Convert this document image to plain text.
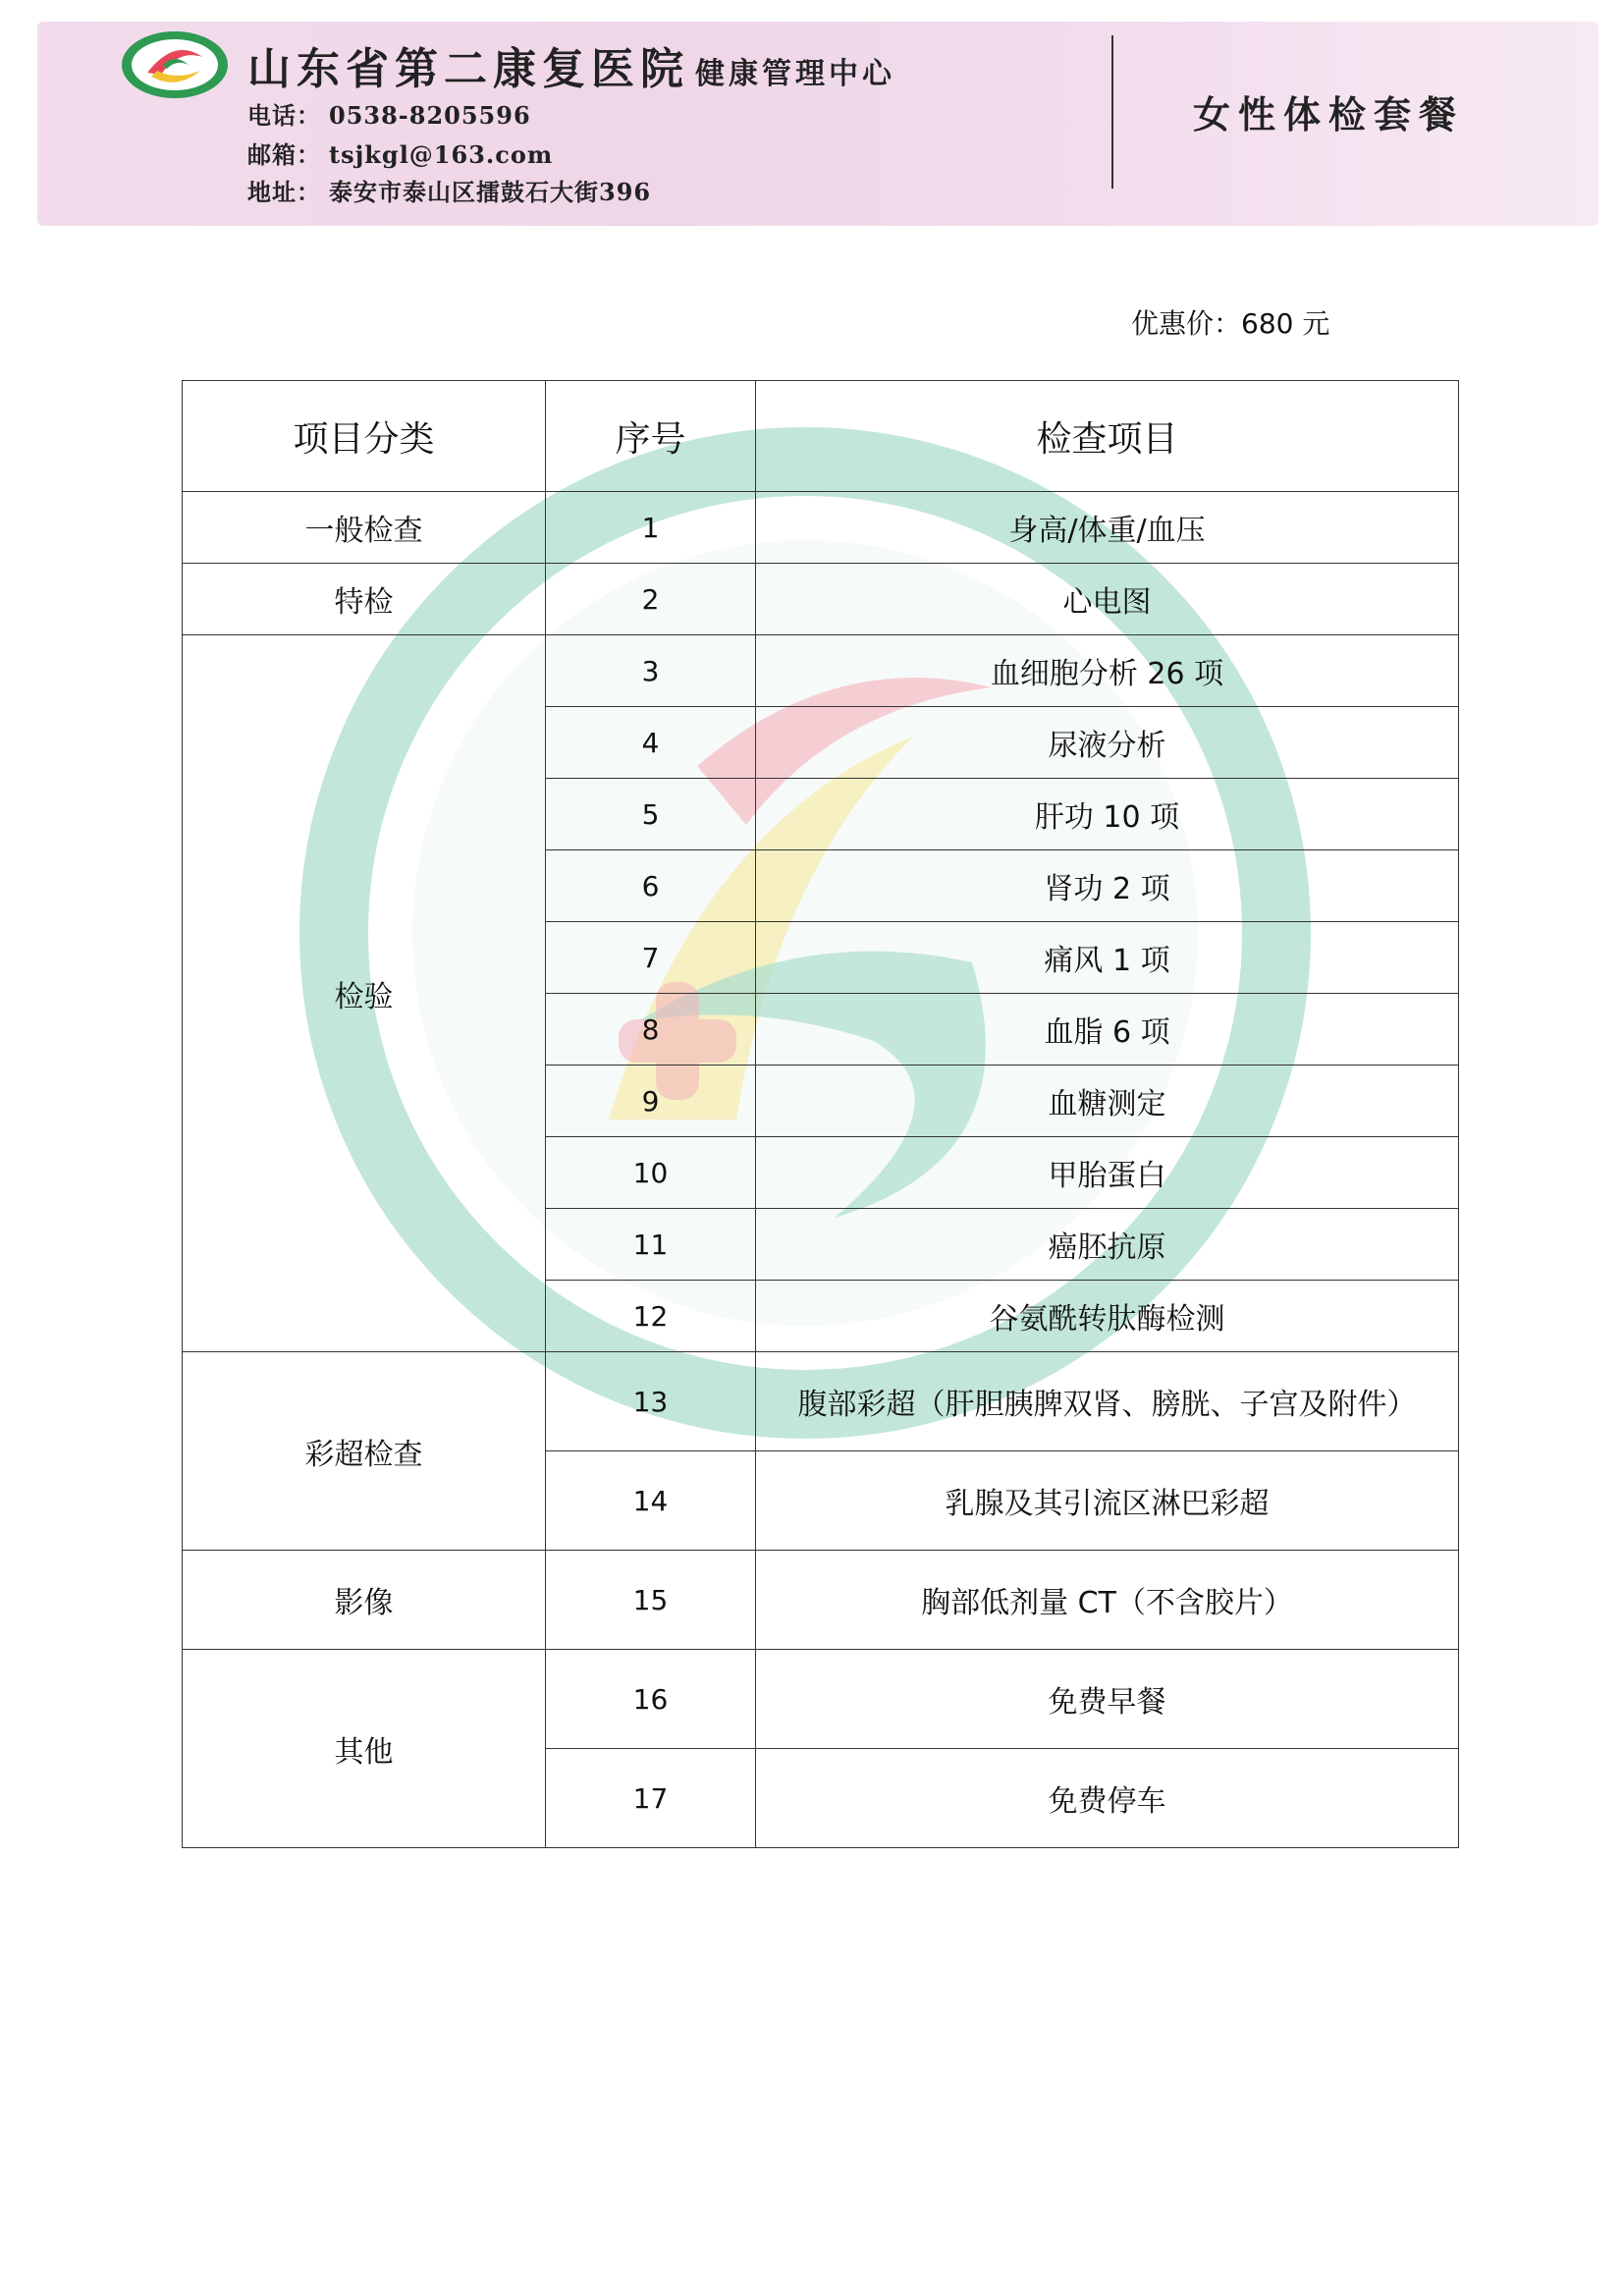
山东省第二康复医院 健康管理中心
电话： 0538-8205596
邮箱： tsjkgl@163.com
地址： 泰安市泰山区擂鼓石大街396
女性体检套餐
优惠价：680 元
项目分类	序号	检查项目
一般检查	1	身高/体重/血压
特检	2	心电图
检验	3	血细胞分析 26 项
	4	尿液分析
	5	肝功 10 项
	6	肾功 2 项
	7	痛风 1 项
	8	血脂 6 项
	9	血糖测定
	10	甲胎蛋白
	11	癌胚抗原
	12	谷氨酰转肽酶检测
彩超检查	13	腹部彩超（肝胆胰脾双肾、膀胱、子宫及附件）
	14	乳腺及其引流区淋巴彩超
影像	15	胸部低剂量 CT（不含胶片）
其他	16	免费早餐
	17	免费停车
